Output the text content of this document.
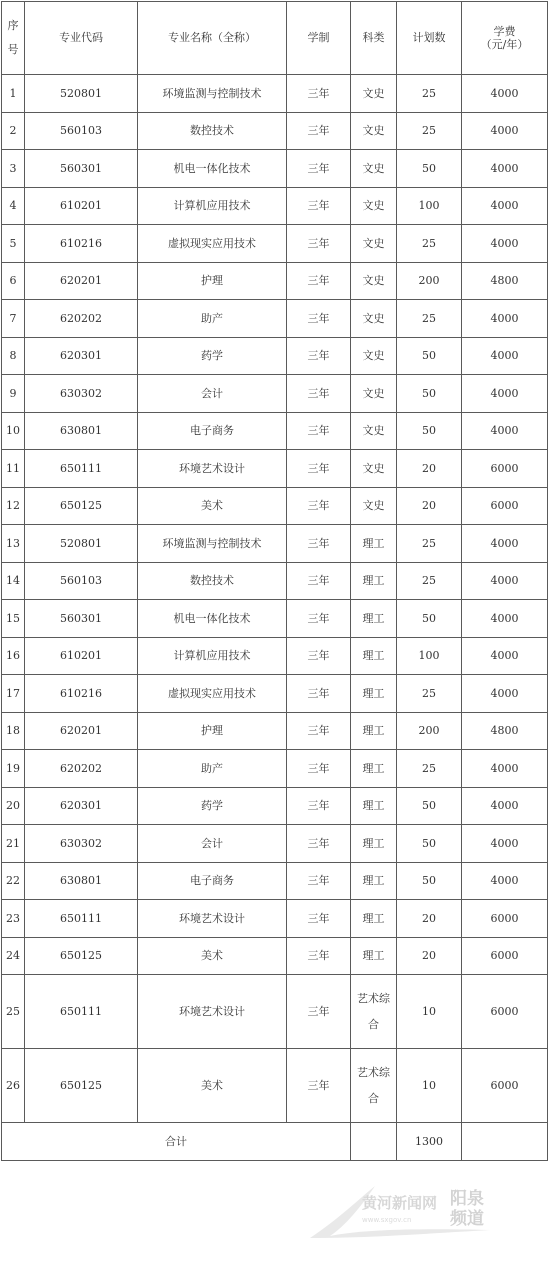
序号	专业代码	专业名称（全称）	学制	科类	计划数	学费
（元/年）

1	520801	环境监测与控制技术	三年	文史	25	4000
2	560103	数控技术	三年	文史	25	4000
3	560301	机电一体化技术	三年	文史	50	4000
4	610201	计算机应用技术	三年	文史	100	4000
5	610216	虚拟现实应用技术	三年	文史	25	4000
6	620201	护理	三年	文史	200	4800
7	620202	助产	三年	文史	25	4000
8	620301	药学	三年	文史	50	4000
9	630302	会计	三年	文史	50	4000
10	630801	电子商务	三年	文史	50	4000
11	650111	环境艺术设计	三年	文史	20	6000
12	650125	美术	三年	文史	20	6000
13	520801	环境监测与控制技术	三年	理工	25	4000
14	560103	数控技术	三年	理工	25	4000
15	560301	机电一体化技术	三年	理工	50	4000
16	610201	计算机应用技术	三年	理工	100	4000
17	610216	虚拟现实应用技术	三年	理工	25	4000
18	620201	护理	三年	理工	200	4800
19	620202	助产	三年	理工	25	4000
20	620301	药学	三年	理工	50	4000
21	630302	会计	三年	理工	50	4000
22	630801	电子商务	三年	理工	50	4000
23	650111	环境艺术设计	三年	理工	20	6000
24	650125	美术	三年	理工	20	6000
25	650111	环境艺术设计	三年	艺术综合	10	6000
26	650125	美术	三年	艺术综合	10	6000
合计					1300	
黄河新闻网
www.sxgov.cn
阳泉频道
